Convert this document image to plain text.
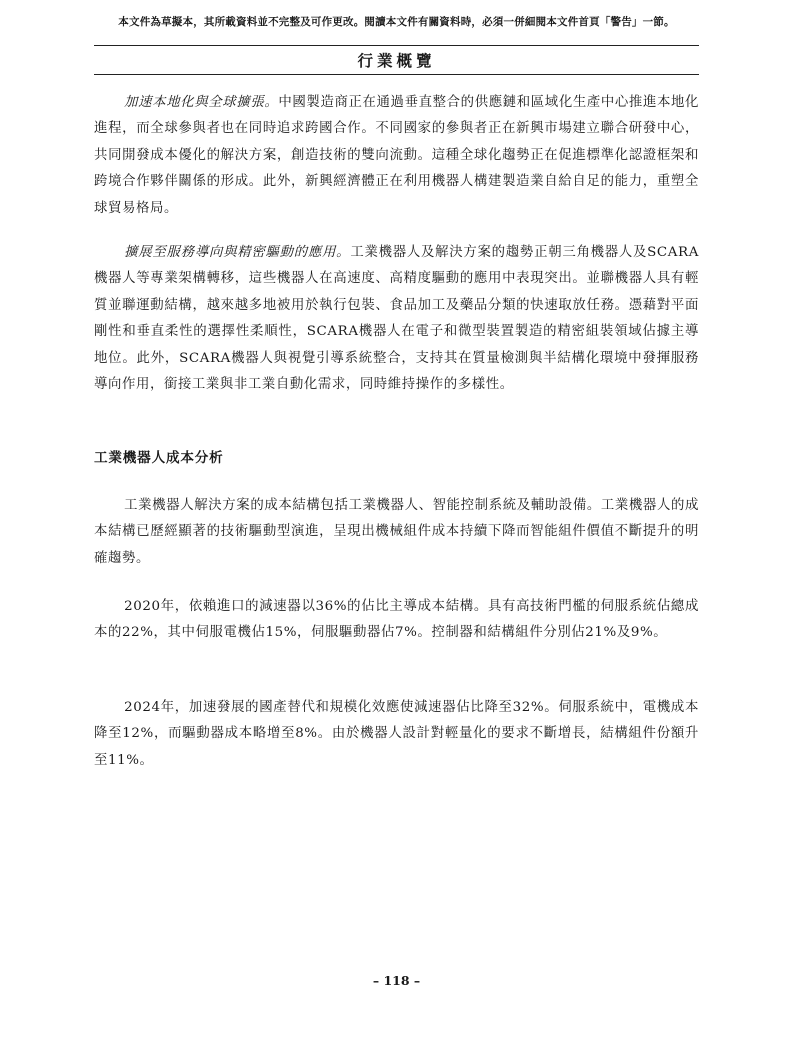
本文件為草擬本，其所載資料並不完整及可作更改。閱讀本文件有關資料時，必須一併細閱本文件首頁「警告」一節。
行業概覽
加速本地化與全球擴張。中國製造商正在通過垂直整合的供應鏈和區域化生產中心推進本地化進程，而全球參與者也在同時追求跨國合作。不同國家的參與者正在新興市場建立聯合研發中心，共同開發成本優化的解決方案，創造技術的雙向流動。這種全球化趨勢正在促進標準化認證框架和跨境合作夥伴關係的形成。此外，新興經濟體正在利用機器人構建製造業自給自足的能力，重塑全球貿易格局。
擴展至服務導向與精密驅動的應用。工業機器人及解決方案的趨勢正朝三角機器人及SCARA機器人等專業架構轉移，這些機器人在高速度、高精度驅動的應用中表現突出。並聯機器人具有輕質並聯運動結構，越來越多地被用於執行包裝、食品加工及藥品分類的快速取放任務。憑藉對平面剛性和垂直柔性的選擇性柔順性，SCARA機器人在電子和微型裝置製造的精密組裝領域佔據主導地位。此外，SCARA機器人與視覺引導系統整合，支持其在質量檢測與半結構化環境中發揮服務導向作用，銜接工業與非工業自動化需求，同時維持操作的多樣性。
工業機器人成本分析
工業機器人解決方案的成本結構包括工業機器人、智能控制系統及輔助設備。工業機器人的成本結構已歷經顯著的技術驅動型演進，呈現出機械組件成本持續下降而智能組件價值不斷提升的明確趨勢。
2020年，依賴進口的減速器以36%的佔比主導成本結構。具有高技術門檻的伺服系統佔總成本的22%，其中伺服電機佔15%，伺服驅動器佔7%。控制器和結構組件分別佔21%及9%。
2024年，加速發展的國產替代和規模化效應使減速器佔比降至32%。伺服系統中，電機成本降至12%，而驅動器成本略增至8%。由於機器人設計對輕量化的要求不斷增長，結構組件份額升至11%。
– 118 –
